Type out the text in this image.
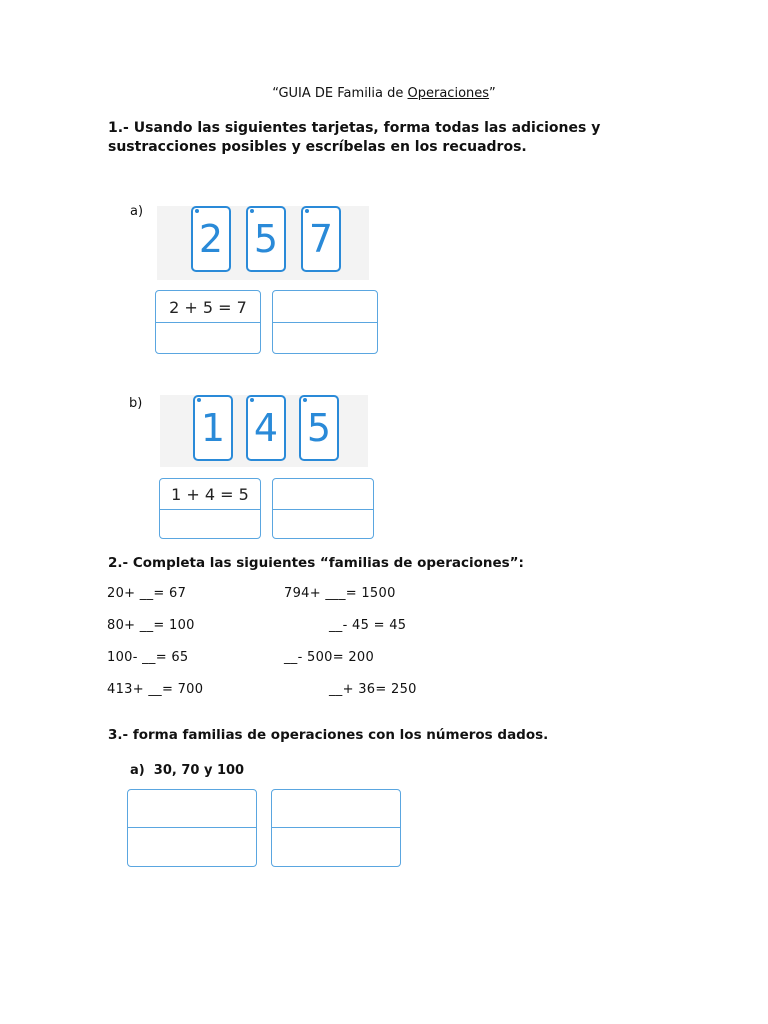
“GUIA DE Familia de Operaciones”
1.- Usando las siguientes tarjetas, forma todas las adiciones y sustracciones posibles y escríbelas en los recuadros.
a)
2 5 7
2 + 5 = 7
b)
1 4 5
1 + 4 = 5
2.- Completa las siguientes “familias de operaciones”:
20+ __= 67
80+ __= 100
100- __= 65
413+ __= 700
794+ ___= 1500
__- 45 = 45
__- 500= 200
__+ 36= 250
3.- forma familias de operaciones con los números dados.
a) 30, 70 y 100
